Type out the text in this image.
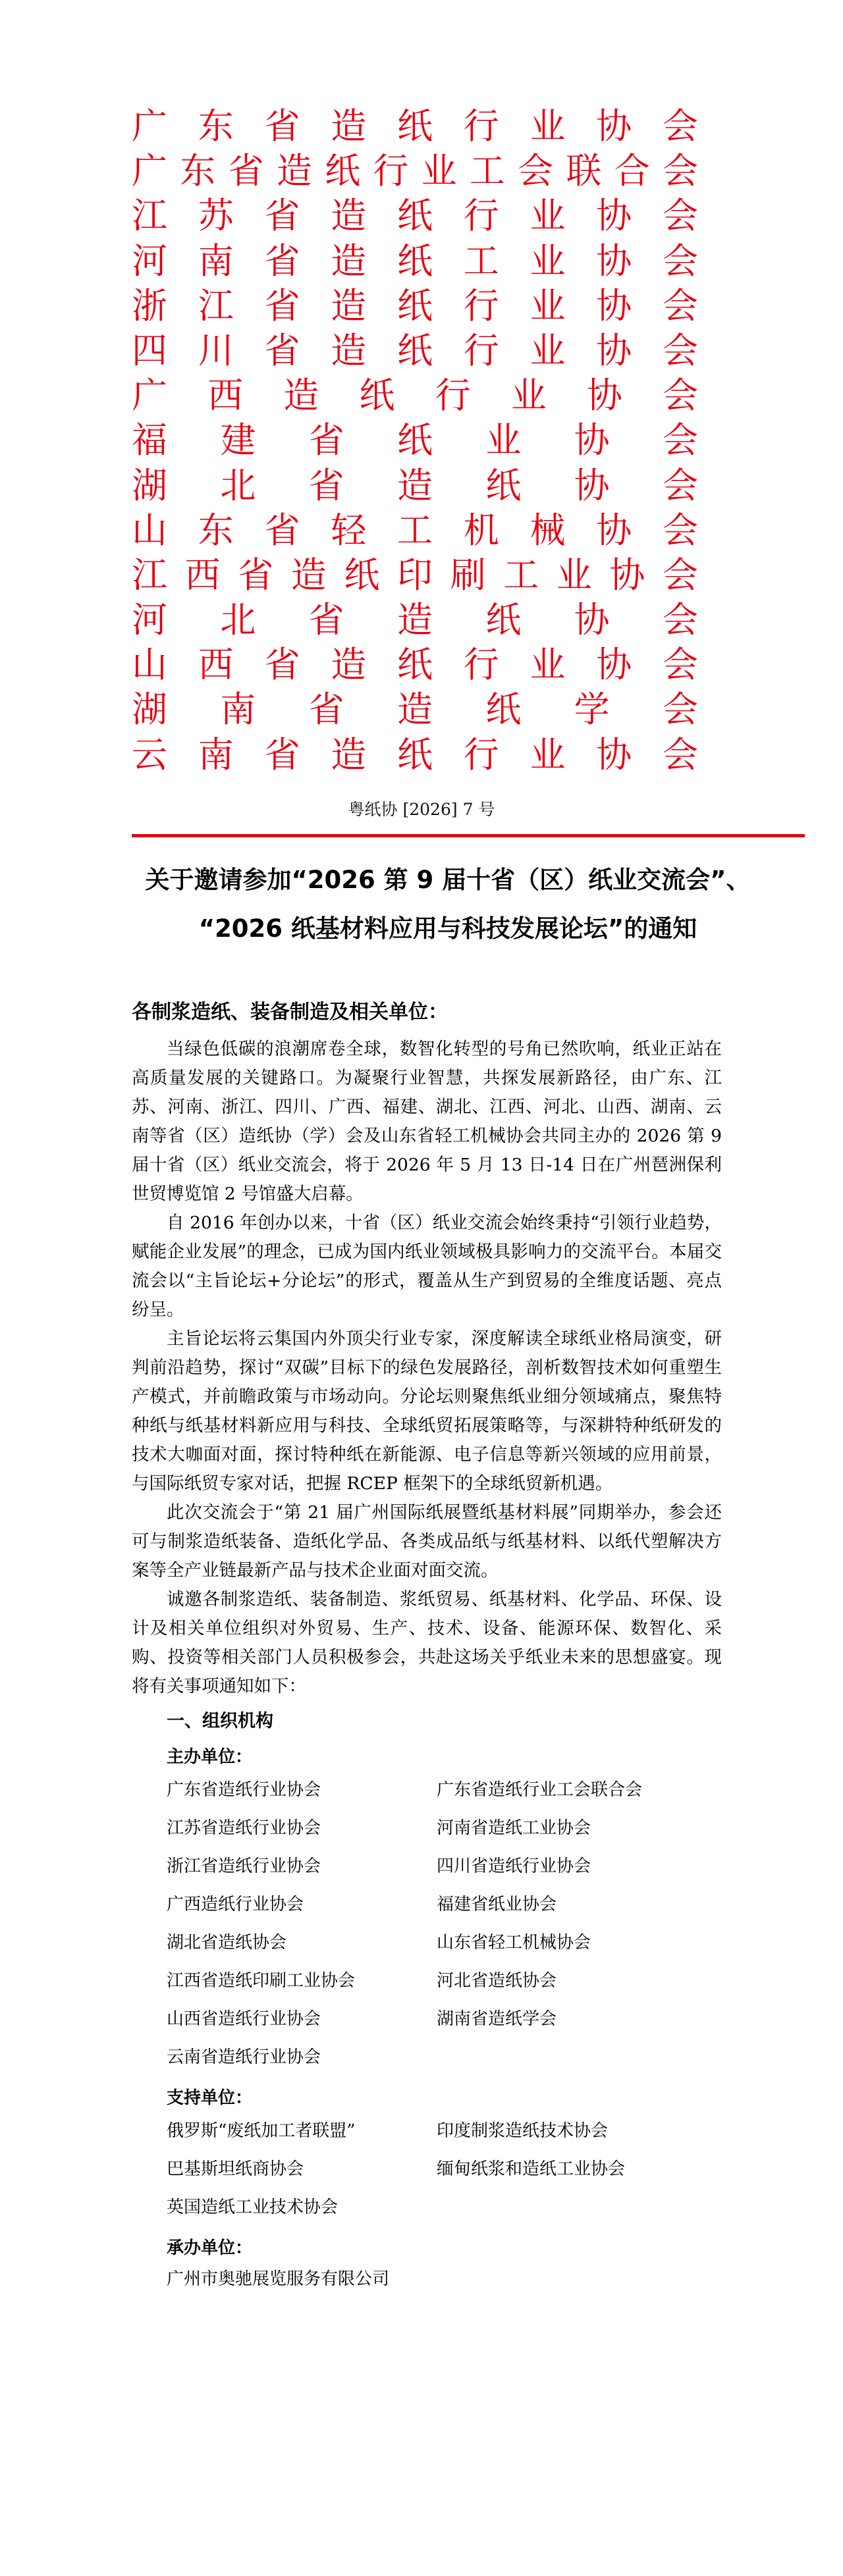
广东省造纸行业协会
广东省造纸行业工会联合会
江苏省造纸行业协会
河南省造纸工业协会
浙江省造纸行业协会
四川省造纸行业协会
广西造纸行业协会
福建省纸业协会
湖北省造纸协会
山东省轻工机械协会
江西省造纸印刷工业协会
河北省造纸协会
山西省造纸行业协会
湖南省造纸学会
云南省造纸行业协会
粤纸协 [2026] 7 号
关于邀请参加“2026 第 9 届十省（区）纸业交流会”、
“2026 纸基材料应用与科技发展论坛”的通知
各制浆造纸、装备制造及相关单位：

当绿色低碳的浪潮席卷全球，数智化转型的号角已然吹响，纸业正站在高质量发展的关键路口。为凝聚行业智慧，共探发展新路径，由广东、江苏、河南、浙江、四川、广西、福建、湖北、江西、河北、山西、湖南、云南等省（区）造纸协（学）会及山东省轻工机械协会共同主办的 2026 第 9 届十省（区）纸业交流会，将于 2026 年 5 月 13 日-14 日在广州琶洲保利世贸博览馆 2 号馆盛大启幕。

自 2016 年创办以来，十省（区）纸业交流会始终秉持“引领行业趋势，赋能企业发展”的理念，已成为国内纸业领域极具影响力的交流平台。本届交流会以“主旨论坛+分论坛”的形式，覆盖从生产到贸易的全维度话题、亮点纷呈。

主旨论坛将云集国内外顶尖行业专家，深度解读全球纸业格局演变，研判前沿趋势，探讨“双碳”目标下的绿色发展路径，剖析数智技术如何重塑生产模式，并前瞻政策与市场动向。分论坛则聚焦纸业细分领域痛点，聚焦特种纸与纸基材料新应用与科技、全球纸贸拓展策略等，与深耕特种纸研发的技术大咖面对面，探讨特种纸在新能源、电子信息等新兴领域的应用前景，与国际纸贸专家对话，把握 RCEP 框架下的全球纸贸新机遇。

此次交流会于“第 21 届广州国际纸展暨纸基材料展”同期举办，参会还可与制浆造纸装备、造纸化学品、各类成品纸与纸基材料、以纸代塑解决方案等全产业链最新产品与技术企业面对面交流。

诚邀各制浆造纸、装备制造、浆纸贸易、纸基材料、化学品、环保、设计及相关单位组织对外贸易、生产、技术、设备、能源环保、数智化、采购、投资等相关部门人员积极参会，共赴这场关乎纸业未来的思想盛宴。现将有关事项通知如下：

一、组织机构
主办单位：
广东省造纸行业协会	广东省造纸行业工会联合会
江苏省造纸行业协会	河南省造纸工业协会
浙江省造纸行业协会	四川省造纸行业协会
广西造纸行业协会	福建省纸业协会
湖北省造纸协会	山东省轻工机械协会
江西省造纸印刷工业协会	河北省造纸协会
山西省造纸行业协会	湖南省造纸学会
云南省造纸行业协会
支持单位：
俄罗斯“废纸加工者联盟”	印度制浆造纸技术协会
巴基斯坦纸商协会	缅甸纸浆和造纸工业协会
英国造纸工业技术协会
承办单位：
广州市奥驰展览服务有限公司
